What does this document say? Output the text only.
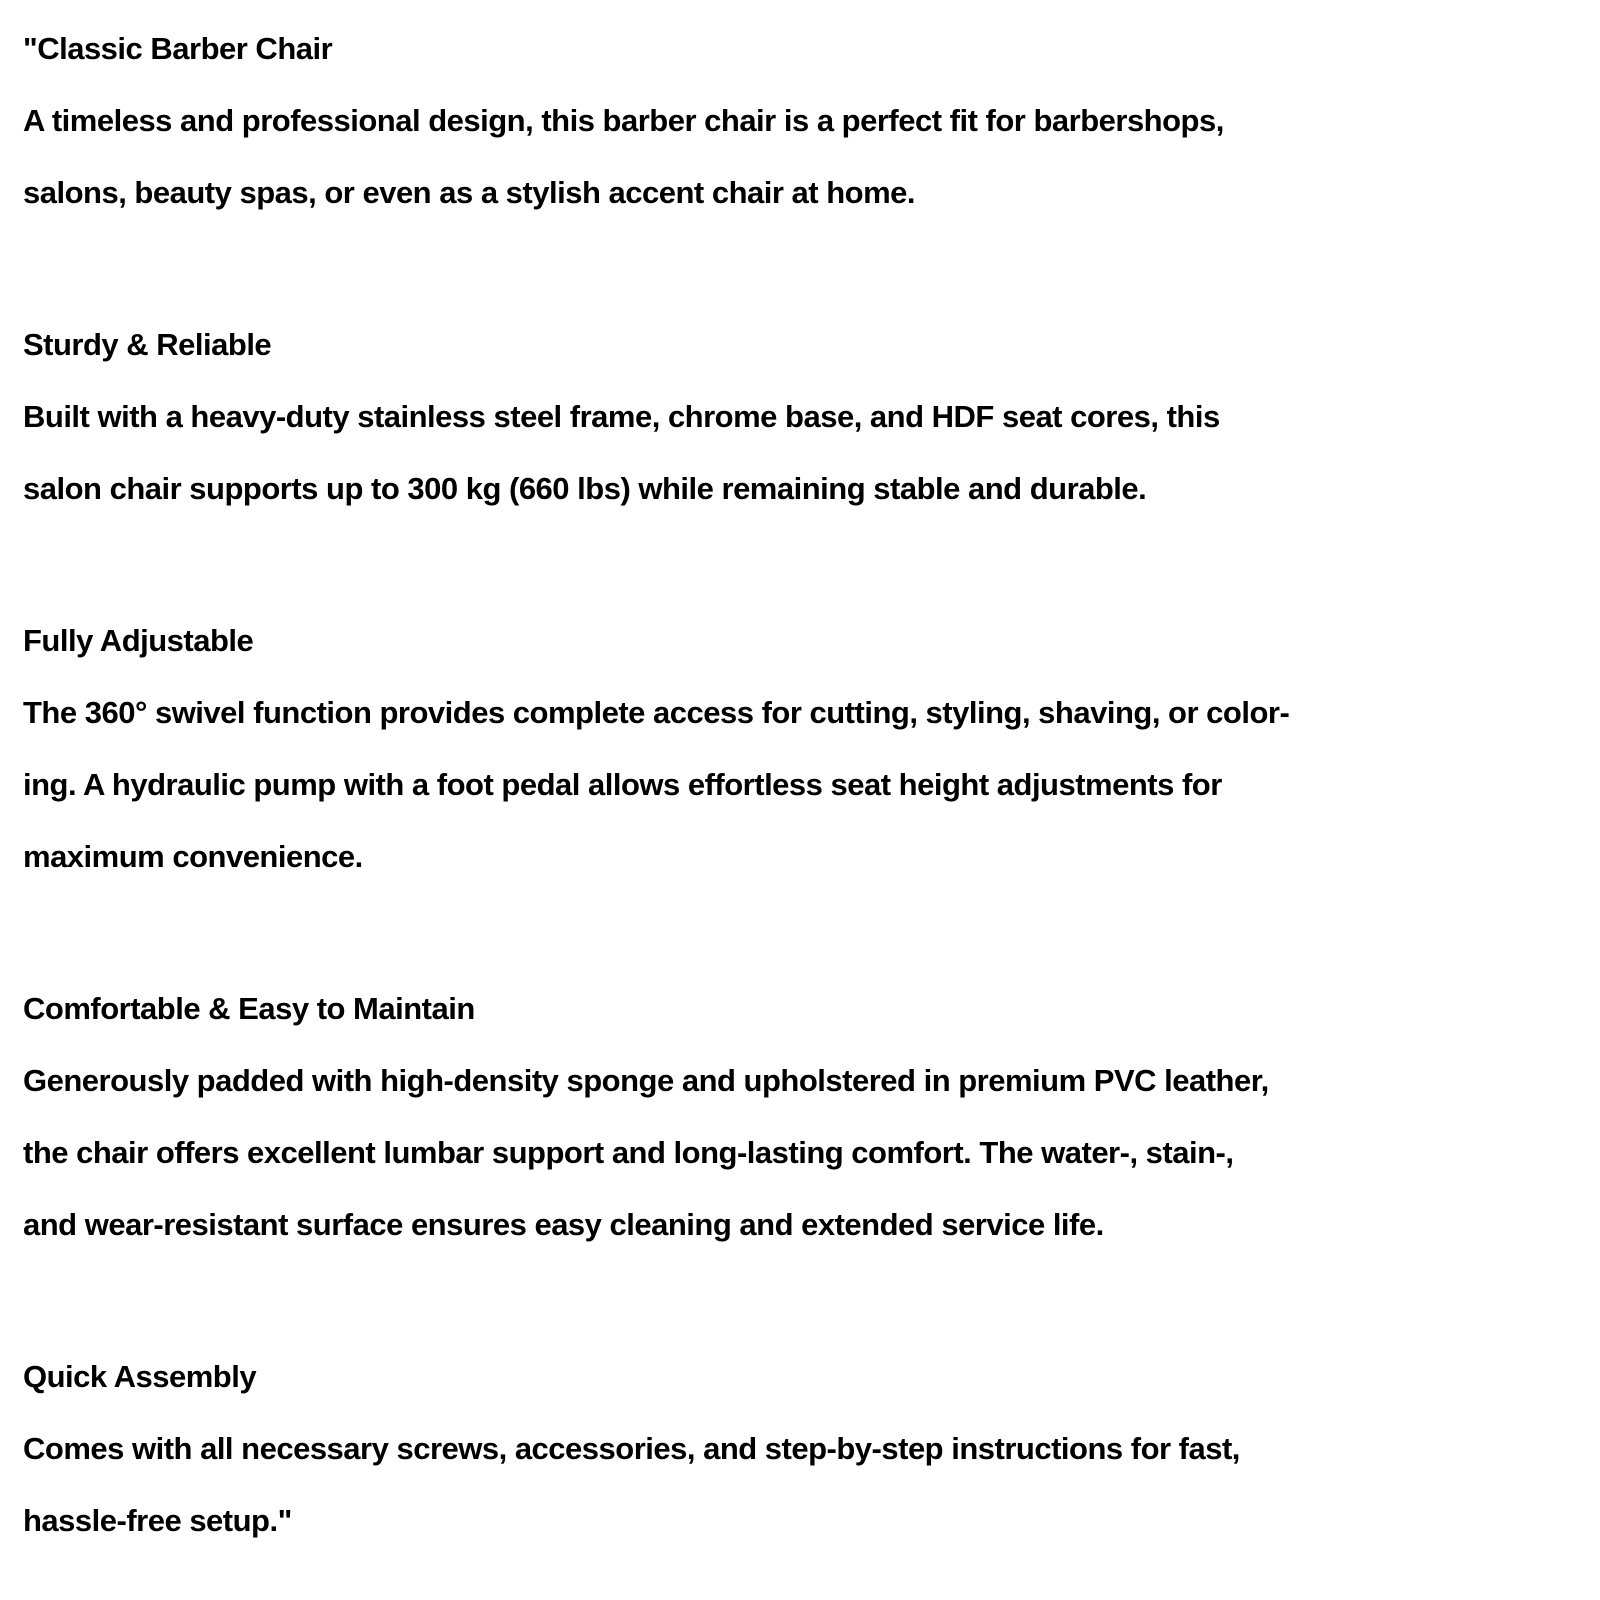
"Classic Barber Chair
A timeless and professional design, this barber chair is a perfect fit for barbershops,
salons, beauty spas, or even as a stylish accent chair at home.
Sturdy & Reliable
Built with a heavy-duty stainless steel frame, chrome base, and HDF seat cores, this
salon chair supports up to 300 kg (660 lbs) while remaining stable and durable.
Fully Adjustable
The 360° swivel function provides complete access for cutting, styling, shaving, or color-
ing. A hydraulic pump with a foot pedal allows effortless seat height adjustments for
maximum convenience.
Comfortable & Easy to Maintain
Generously padded with high-density sponge and upholstered in premium PVC leather,
the chair offers excellent lumbar support and long-lasting comfort. The water-, stain-,
and wear-resistant surface ensures easy cleaning and extended service life.
Quick Assembly
Comes with all necessary screws, accessories, and step-by-step instructions for fast,
hassle-free setup."
